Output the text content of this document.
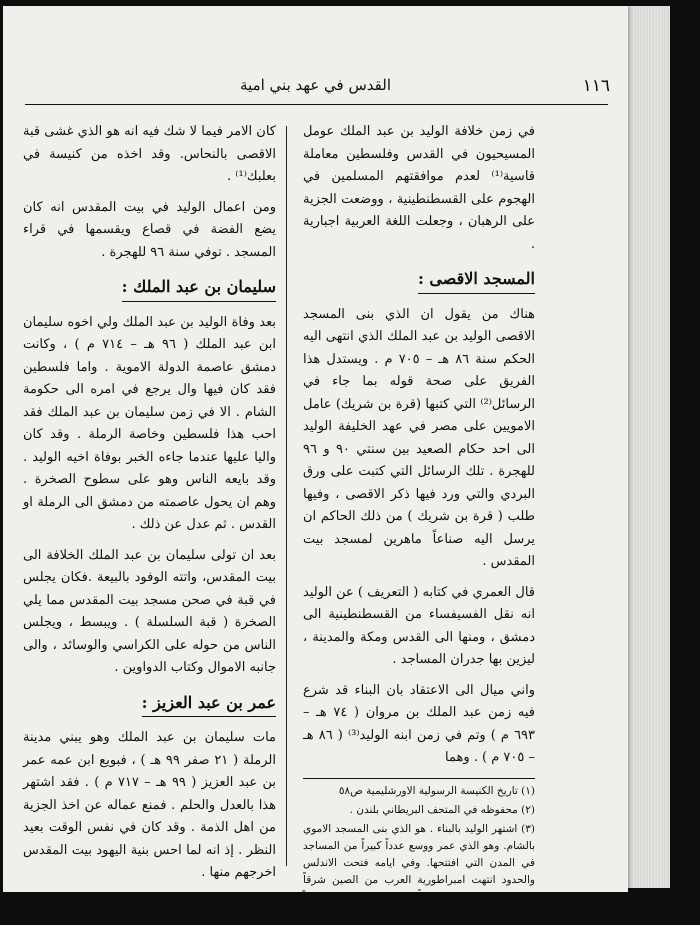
١١٦
القدس في عهد بني امية

في زمن خلافة الوليد بن عبد الملك عومل المسيحيون في القدس وفلسطين معاملة قاسية⁽¹⁾ لعدم موافقتهم المسلمين في الهجوم على القسطنطينية ، ووضعت الجزية على الرهبان ، وجعلت اللغة العربية اجبارية .

المسجد الاقصى :

هناك من يقول ان الذي بنى المسجد الاقصى الوليد بن عبد الملك الذي انتهى اليه الحكم سنة ٨٦ هـ – ٧٠٥ م . ويستدل هذا الفريق على صحة قوله بما جاء في الرسائل⁽²⁾ التي كتبها (قرة بن شريك) عامل الامويين على مصر في عهد الخليفة الوليد الى احد حكام الصعيد بين سنتي ٩٠ و ٩٦ للهجرة . تلك الرسائل التي كتبت على ورق البردي والتي ورد فيها ذكر الاقصى ، وفيها طلب ( قرة بن شريك ) من ذلك الحاكم ان يرسل اليه صناعاً ماهرين لمسجد بيت المقدس .

قال العمري في كتابه ( التعريف ) عن الوليد انه نقل الفسيفساء من القسطنطينية الى دمشق ، ومنها الى القدس ومكة والمدينة ، ليزين بها جدران المساجد .

واني ميال الى الاعتقاد بان البناء قد شرع فيه زمن عبد الملك بن مروان ( ٧٤ هـ – ٦٩٣ م ) وتم في زمن ابنه الوليد⁽³⁾ ( ٨٦ هـ – ٧٠٥ م ) . وهما

(١) تاريخ الكنيسة الرسولية الاورشليمية ص٥٨
(٢) محفوظه في المتحف البريطاني بلندن .
(٣) اشتهر الوليد بالبناء . هو الذي بنى المسجد الاموي بالشام. وهو الذي عمر ووسع عدداً كبيراً من المساجد في المدن التي افتتحها. وفي ايامه فتحت الاندلس والحدود انتهت امبراطورية العرب من الصين شرقاً الى المحيط الاطلنطي غرباً ، ومن البحر الاسود شمالاً الى صعيد مصر جنوباً .

كان الامر فيما لا شك فيه انه هو الذي غشى قبة الاقصى بالنحاس. وقد اخذه من كنيسة في بعلبك⁽¹⁾ .

ومن اعمال الوليد في بيت المقدس انه كان يضع الفضة في قصاع ويقسمها في قراء المسجد . توفي سنة ٩٦ للهجرة .

سليمان بن عبد الملك :

بعد وفاة الوليد بن عبد الملك ولي اخوه سليمان ابن عبد الملك ( ٩٦ هـ – ٧١٤ م ) ، وكانت دمشق عاصمة الدولة الاموية . واما فلسطين فقد كان فيها وال يرجع في امره الى حكومة الشام . الا في زمن سليمان بن عبد الملك فقد احب هذا فلسطين وخاصة الرملة . وقد كان واليا عليها عندما جاءه الخبر بوفاة اخيه الوليد . وقد بايعه الناس وهو على سطوح الصخرة . وهم ان يحول عاصمته من دمشق الى الرملة او القدس . ثم عدل عن ذلك .

بعد ان تولى سليمان بن عبد الملك الخلافة الى بيت المقدس، واتته الوفود بالبيعة .فكان يجلس في قبة في صحن مسجد بيت المقدس مما يلي الصخرة ( قبة السلسلة ) . ويبسط ، ويجلس الناس من حوله على الكراسي والوسائد ، والى جانبه الاموال وكتاب الدواوين .

عمر بن عبد العزيز :

مات سليمان بن عبد الملك وهو يبني مدينة الرملة ( ٢١ صفر ٩٩ هـ ) ، فبويع ابن عمه عمر بن عبد العزيز ( ٩٩ هـ – ٧١٧ م ) . فقد اشتهر هذا بالعدل والحلم . فمنع عماله عن اخذ الجزية من اهل الذمة . وقد كان في نفس الوقت بعيد النظر . إذ انه لما احس بنية اليهود بيت المقدس اخرجهم منها .

(١) (خطط الشام) لمحمد كرد علي ،ص٢٦٦.
